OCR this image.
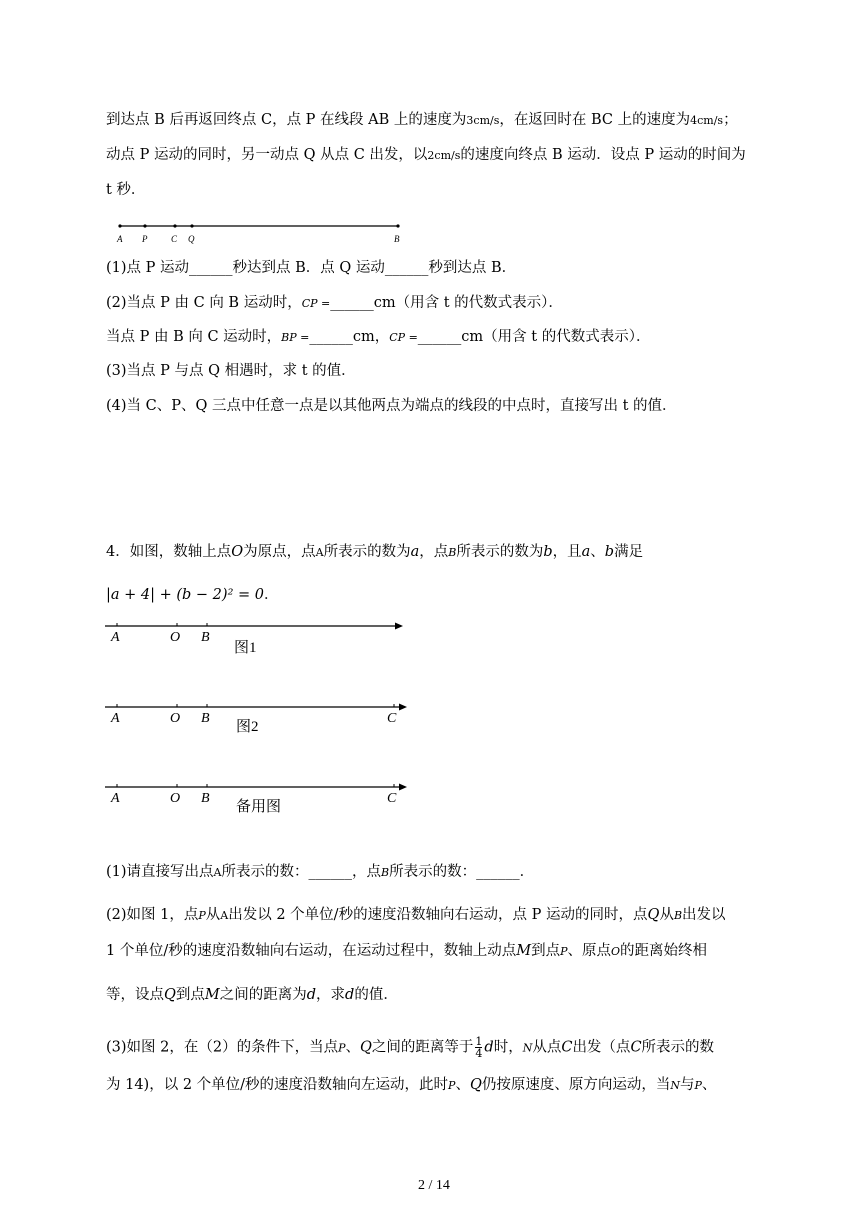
到达点 B 后再返回终点 C，点 P 在线段 AB 上的速度为3cm/s，在返回时在 BC 上的速度为4cm/s；
动点 P 运动的同时，另一动点 Q 从点 C 出发，以2cm/s的速度向终点 B 运动．设点 P 运动的时间为
t 秒．
A P	C Q	B
(1)点 P 运动______秒达到点 B．点 Q 运动______秒到达点 B．
(2)当点 P 由 C 向 B 运动时，CP =______cm（用含 t 的代数式表示）．
当点 P 由 B 向 C 运动时，BP =______cm，CP =______cm（用含 t 的代数式表示）．
(3)当点 P 与点 Q 相遇时，求 t 的值．
(4)当 C、P、Q 三点中任意一点是以其他两点为端点的线段的中点时，直接写出 t 的值．
4．如图，数轴上点O为原点，点A所表示的数为a，点B所表示的数为b，且a、b满足
|a + 4| + (b − 2)² = 0．
A	O B
图1
A	O B	C
图2
A	O B	C
备用图
(1)请直接写出点A所表示的数：______，点B所表示的数：______．
(2)如图 1，点P从A出发以 2 个单位/秒的速度沿数轴向右运动，点 P 运动的同时，点Q从B出发以
1 个单位/秒的速度沿数轴向右运动，在运动过程中，数轴上动点M到点P、原点O的距离始终相
等，设点Q到点M之间的距离为d，求d的值．
(3)如图 2，在（2）的条件下，当点P、Q之间的距离等于 $\frac{1}{4}$ d时，N从点C出发（点C所表示的数
为 14)，以 2 个单位/秒的速度沿数轴向左运动，此时P、Q仍按原速度、原方向运动，当N与P、
2 / 14
